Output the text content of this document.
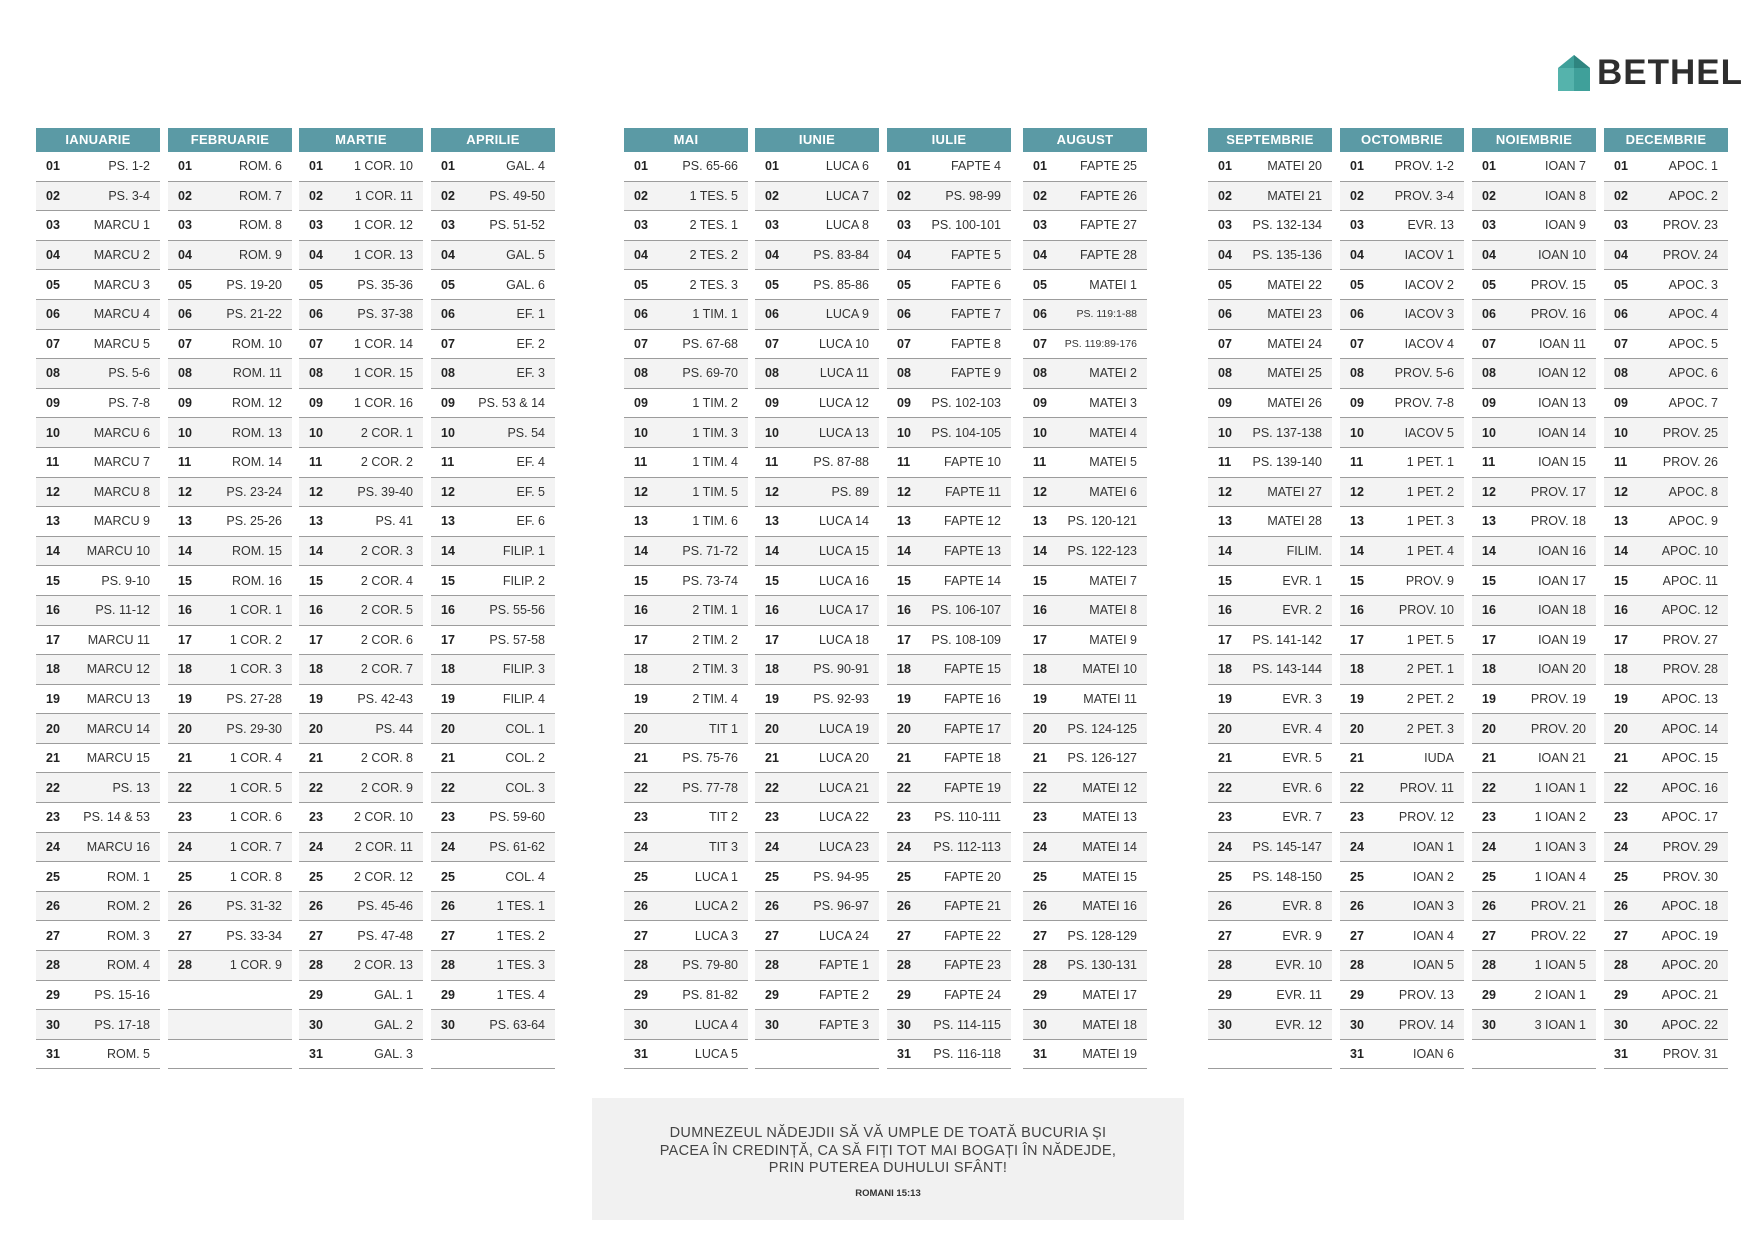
BETHEL
IANUARIE
01	PS. 1-2
02	PS. 3-4
03	MARCU 1
04	MARCU 2
05	MARCU 3
06	MARCU 4
07	MARCU 5
08	PS. 5-6
09	PS. 7-8
10	MARCU 6
11	MARCU 7
12	MARCU 8
13	MARCU 9
14 MARCU 10
15	PS. 9-10
16	PS. 11-12
17 MARCU 11
18 MARCU 12
19 MARCU 13
20 MARCU 14
21 MARCU 15
22	PS. 13
23 PS. 14 & 53
24 MARCU 16
25	ROM. 1
26	ROM. 2
27	ROM. 3
28	ROM. 4
29	PS. 15-16
30	PS. 17-18
31	ROM. 5
FEBRUARIE
01	ROM. 6
02	ROM. 7
03	ROM. 8
04	ROM. 9
05	PS. 19-20
06	PS. 21-22
07	ROM. 10
08	ROM. 11
09	ROM. 12
10	ROM. 13
11	ROM. 14
12	PS. 23-24
13	PS. 25-26
14	ROM. 15
15	ROM. 16
16	1 COR. 1
17	1 COR. 2
18	1 COR. 3
19	PS. 27-28
20	PS. 29-30
21	1 COR. 4
22	1 COR. 5
23	1 COR. 6
24	1 COR. 7
25	1 COR. 8
26	PS. 31-32
27	PS. 33-34
28	1 COR. 9
MARTIE
01 1 COR. 10
02	1 COR. 11
03 1 COR. 12
04 1 COR. 13
05	PS. 35-36
06	PS. 37-38
07 1 COR. 14
08 1 COR. 15
09 1 COR. 16
10	2 COR. 1
11	2 COR. 2
12	PS. 39-40
13	PS. 41
14	2 COR. 3
15	2 COR. 4
16	2 COR. 5
17	2 COR. 6
18	2 COR. 7
19	PS. 42-43
20	PS. 44
21	2 COR. 8
22	2 COR. 9
23 2 COR. 10
24	2 COR. 11
25 2 COR. 12
26	PS. 45-46
27	PS. 47-48
28 2 COR. 13
29	GAL. 1
30	GAL. 2
31	GAL. 3
APRILIE
01	GAL. 4
02	PS. 49-50
03	PS. 51-52
04	GAL. 5
05	GAL. 6
06	EF. 1
07	EF. 2
08	EF. 3
09 PS. 53 & 14
10	PS. 54
11	EF. 4
12	EF. 5
13	EF. 6
14	FILIP. 1
15	FILIP. 2
16	PS. 55-56
17	PS. 57-58
18	FILIP. 3
19	FILIP. 4
20	COL. 1
21	COL. 2
22	COL. 3
23	PS. 59-60
24	PS. 61-62
25	COL. 4
26	1 TES. 1
27	1 TES. 2
28	1 TES. 3
29	1 TES. 4
30	PS. 63-64
MAI
01	PS. 65-66
02	1 TES. 5
03	2 TES. 1
04	2 TES. 2
05	2 TES. 3
06	1 TIM. 1
07	PS. 67-68
08	PS. 69-70
09	1 TIM. 2
10	1 TIM. 3
11	1 TIM. 4
12	1 TIM. 5
13	1 TIM. 6
14	PS. 71-72
15	PS. 73-74
16	2 TIM. 1
17	2 TIM. 2
18	2 TIM. 3
19	2 TIM. 4
20	TIT 1
21	PS. 75-76
22	PS. 77-78
23	TIT 2
24	TIT 3
25	LUCA 1
26	LUCA 2
27	LUCA 3
28	PS. 79-80
29	PS. 81-82
30	LUCA 4
31	LUCA 5
IUNIE
01	LUCA 6
02	LUCA 7
03	LUCA 8
04	PS. 83-84
05	PS. 85-86
06	LUCA 9
07	LUCA 10
08	LUCA 11
09	LUCA 12
10	LUCA 13
11	PS. 87-88
12	PS. 89
13	LUCA 14
14	LUCA 15
15	LUCA 16
16	LUCA 17
17	LUCA 18
18	PS. 90-91
19	PS. 92-93
20	LUCA 19
21	LUCA 20
22	LUCA 21
23	LUCA 22
24	LUCA 23
25	PS. 94-95
26	PS. 96-97
27	LUCA 24
28	FAPTE 1
29	FAPTE 2
30	FAPTE 3
IULIE
01	FAPTE 4
02	PS. 98-99
03 PS. 100-101
04	FAPTE 5
05	FAPTE 6
06	FAPTE 7
07	FAPTE 8
08	FAPTE 9
09 PS. 102-103
10 PS. 104-105
11	FAPTE 10
12	FAPTE 11
13	FAPTE 12
14	FAPTE 13
15	FAPTE 14
16 PS. 106-107
17 PS. 108-109
18	FAPTE 15
19	FAPTE 16
20	FAPTE 17
21	FAPTE 18
22	FAPTE 19
23 PS. 110-111
24 PS. 112-113
25	FAPTE 20
26	FAPTE 21
27	FAPTE 22
28	FAPTE 23
29	FAPTE 24
30 PS. 114-115
31 PS. 116-118
AUGUST
01	FAPTE 25
02	FAPTE 26
03	FAPTE 27
04	FAPTE 28
05	MATEI 1
06	PS. 119:1-88
07 PS. 119:89-176
08	MATEI 2
09	MATEI 3
10	MATEI 4
11	MATEI 5
12	MATEI 6
13 PS. 120-121
14 PS. 122-123
15	MATEI 7
16	MATEI 8
17	MATEI 9
18	MATEI 10
19	MATEI 11
20 PS. 124-125
21 PS. 126-127
22	MATEI 12
23	MATEI 13
24	MATEI 14
25	MATEI 15
26	MATEI 16
27 PS. 128-129
28 PS. 130-131
29	MATEI 17
30	MATEI 18
31	MATEI 19
SEPTEMBRIE
01	MATEI 20
02	MATEI 21
03 PS. 132-134
04 PS. 135-136
05	MATEI 22
06	MATEI 23
07	MATEI 24
08	MATEI 25
09	MATEI 26
10 PS. 137-138
11 PS. 139-140
12	MATEI 27
13	MATEI 28
14	FILIM.
15	EVR. 1
16	EVR. 2
17 PS. 141-142
18 PS. 143-144
19	EVR. 3
20	EVR. 4
21	EVR. 5
22	EVR. 6
23	EVR. 7
24 PS. 145-147
25 PS. 148-150
26	EVR. 8
27	EVR. 9
28	EVR. 10
29	EVR. 11
30	EVR. 12
OCTOMBRIE
01 PROV. 1-2
02 PROV. 3-4
03	EVR. 13
04	IACOV 1
05	IACOV 2
06	IACOV 3
07	IACOV 4
08 PROV. 5-6
09 PROV. 7-8
10	IACOV 5
11	1 PET. 1
12	1 PET. 2
13	1 PET. 3
14	1 PET. 4
15	PROV. 9
16	PROV. 10
17	1 PET. 5
18	2 PET. 1
19	2 PET. 2
20	2 PET. 3
21	IUDA
22	PROV. 11
23	PROV. 12
24	IOAN 1
25	IOAN 2
26	IOAN 3
27	IOAN 4
28	IOAN 5
29	PROV. 13
30	PROV. 14
31	IOAN 6
NOIEMBRIE
01	IOAN 7
02	IOAN 8
03	IOAN 9
04	IOAN 10
05	PROV. 15
06	PROV. 16
07	IOAN 11
08	IOAN 12
09	IOAN 13
10	IOAN 14
11	IOAN 15
12	PROV. 17
13	PROV. 18
14	IOAN 16
15	IOAN 17
16	IOAN 18
17	IOAN 19
18	IOAN 20
19	PROV. 19
20	PROV. 20
21	IOAN 21
22	1 IOAN 1
23	1 IOAN 2
24	1 IOAN 3
25	1 IOAN 4
26	PROV. 21
27	PROV. 22
28	1 IOAN 5
29	2 IOAN 1
30	3 IOAN 1
DECEMBRIE
01	APOC. 1
02	APOC. 2
03	PROV. 23
04	PROV. 24
05	APOC. 3
06	APOC. 4
07	APOC. 5
08	APOC. 6
09	APOC. 7
10	PROV. 25
11	PROV. 26
12	APOC. 8
13	APOC. 9
14	APOC. 10
15	APOC. 11
16	APOC. 12
17	PROV. 27
18	PROV. 28
19	APOC. 13
20	APOC. 14
21	APOC. 15
22	APOC. 16
23	APOC. 17
24	PROV. 29
25	PROV. 30
26	APOC. 18
27	APOC. 19
28	APOC. 20
29	APOC. 21
30	APOC. 22
31	PROV. 31
DUMNEZEUL NĂDEJDII SĂ VĂ UMPLE DE TOATĂ BUCURIA ȘI
PACEA ÎN CREDINȚĂ, CA SĂ FIȚI TOT MAI BOGAȚI ÎN NĂDEJDE,
PRIN PUTEREA DUHULUI SFÂNT!
ROMANI 15:13
